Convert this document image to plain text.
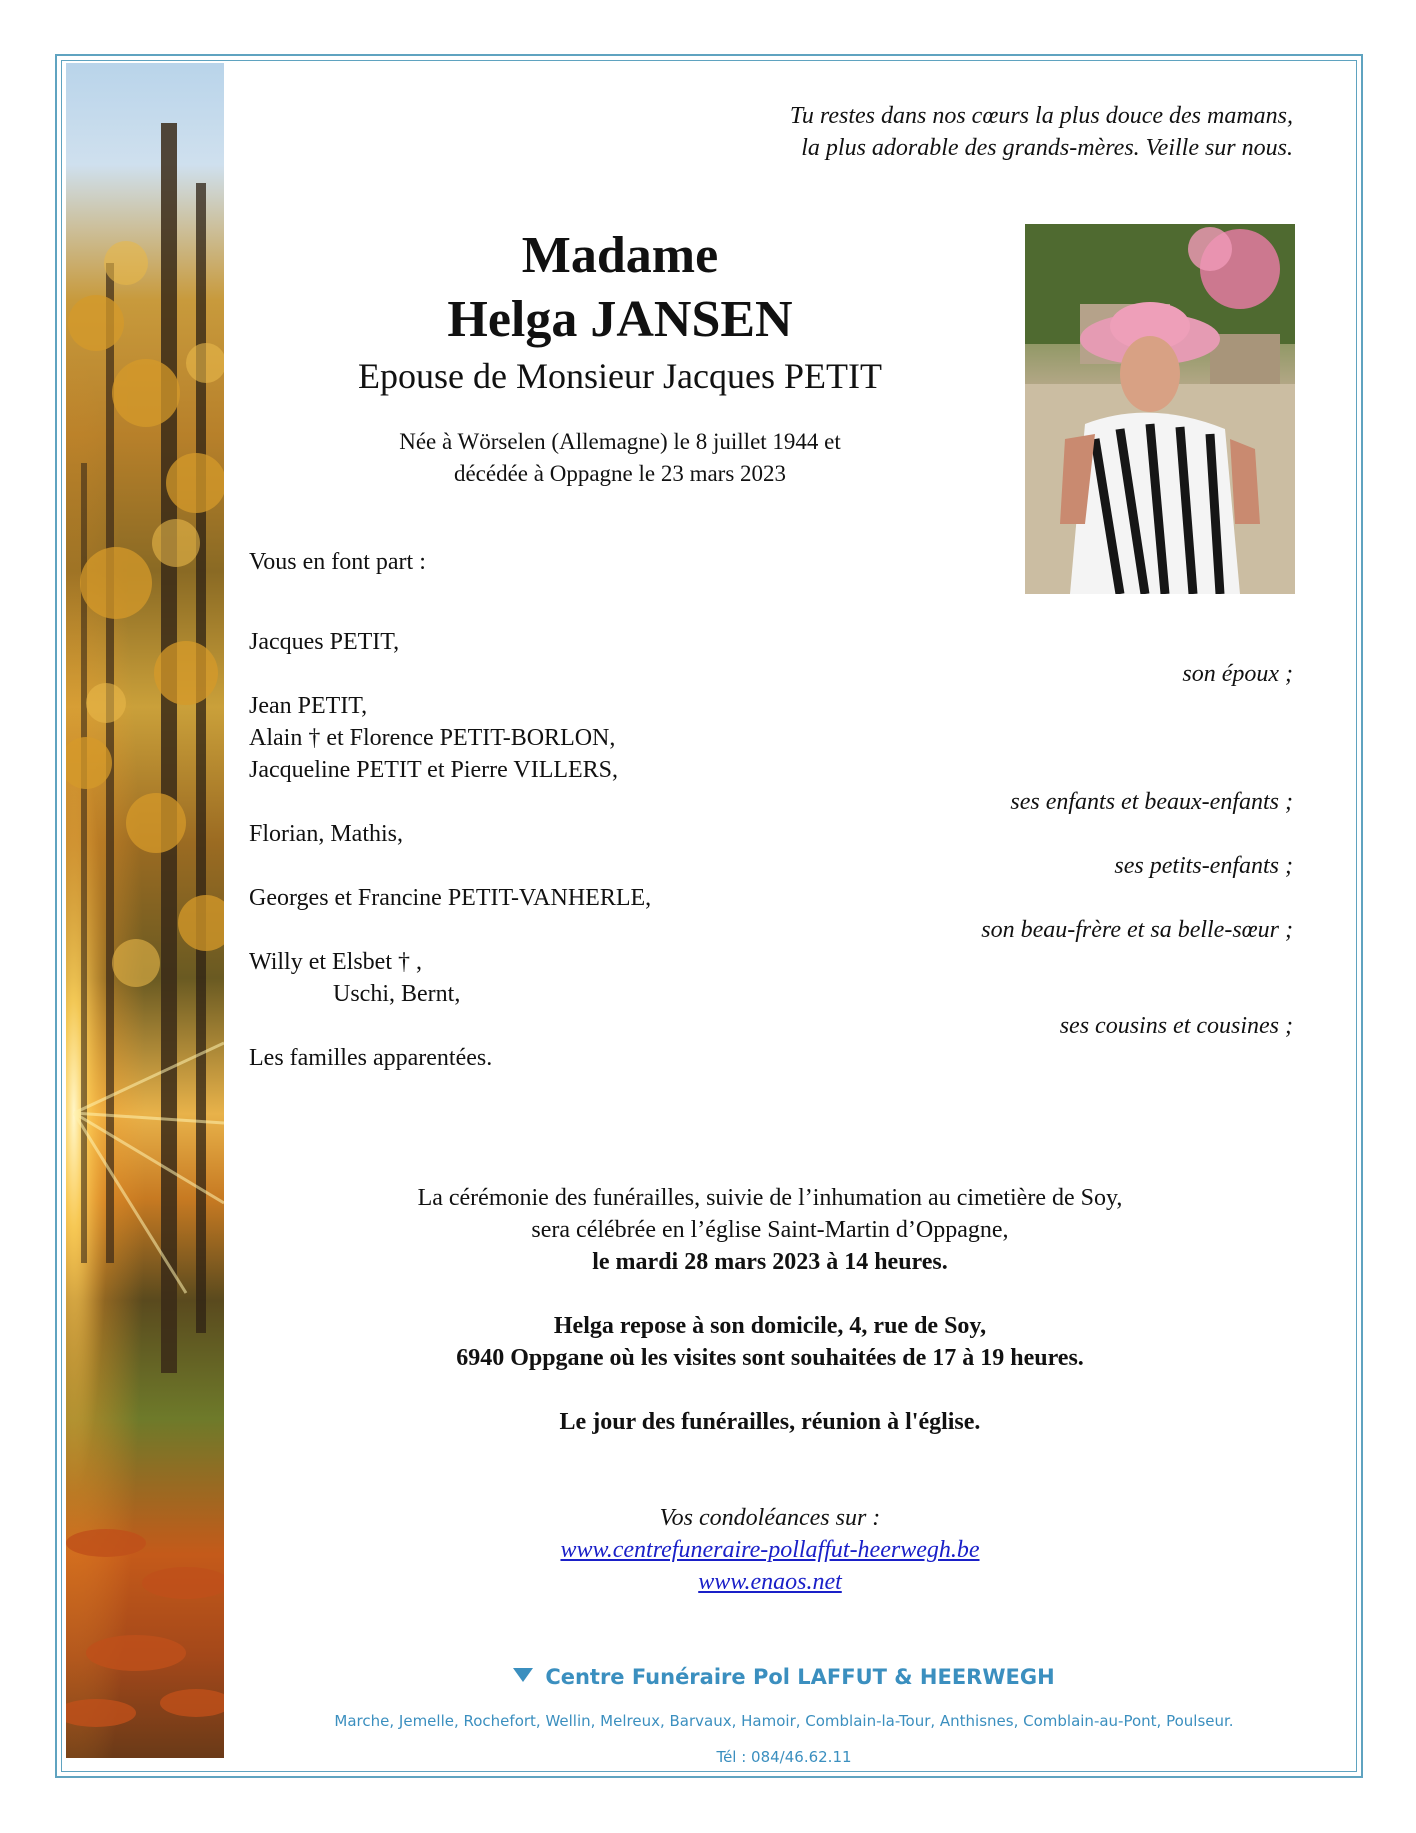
Tu restes dans nos cœurs la plus douce des mamans,
la plus adorable des grands-mères. Veille sur nous.
Madame
Helga JANSEN
Epouse de Monsieur Jacques PETIT
Née à Wörselen (Allemagne) le 8 juillet 1944 et
décédée à Oppagne le 23 mars 2023
Vous en font part :
Jacques PETIT,
son époux ;
Jean PETIT,
Alain † et Florence PETIT-BORLON,
Jacqueline PETIT et Pierre VILLERS,
ses enfants et beaux-enfants ;
Florian, Mathis,
ses petits-enfants ;
Georges et Francine PETIT-VANHERLE,
son beau-frère et sa belle-sœur ;
Willy et Elsbet † ,
Uschi, Bernt,
ses cousins et cousines ;
Les familles apparentées.
La cérémonie des funérailles, suivie de l’inhumation au cimetière de Soy,
sera célébrée en l’église Saint-Martin d’Oppagne,
le mardi 28 mars 2023 à 14 heures.
Helga repose à son domicile, 4, rue de Soy,
6940 Oppgane où les visites sont souhaitées de 17 à 19 heures.
Le jour des funérailles, réunion à l'église.
Vos condoléances sur :
www.centrefuneraire-pollaffut-heerwegh.be
www.enaos.net
Centre Funéraire Pol LAFFUT & HEERWEGH
Marche, Jemelle, Rochefort, Wellin, Melreux, Barvaux, Hamoir, Comblain-la-Tour, Anthisnes, Comblain-au-Pont, Poulseur.
Tél : 084/46.62.11
